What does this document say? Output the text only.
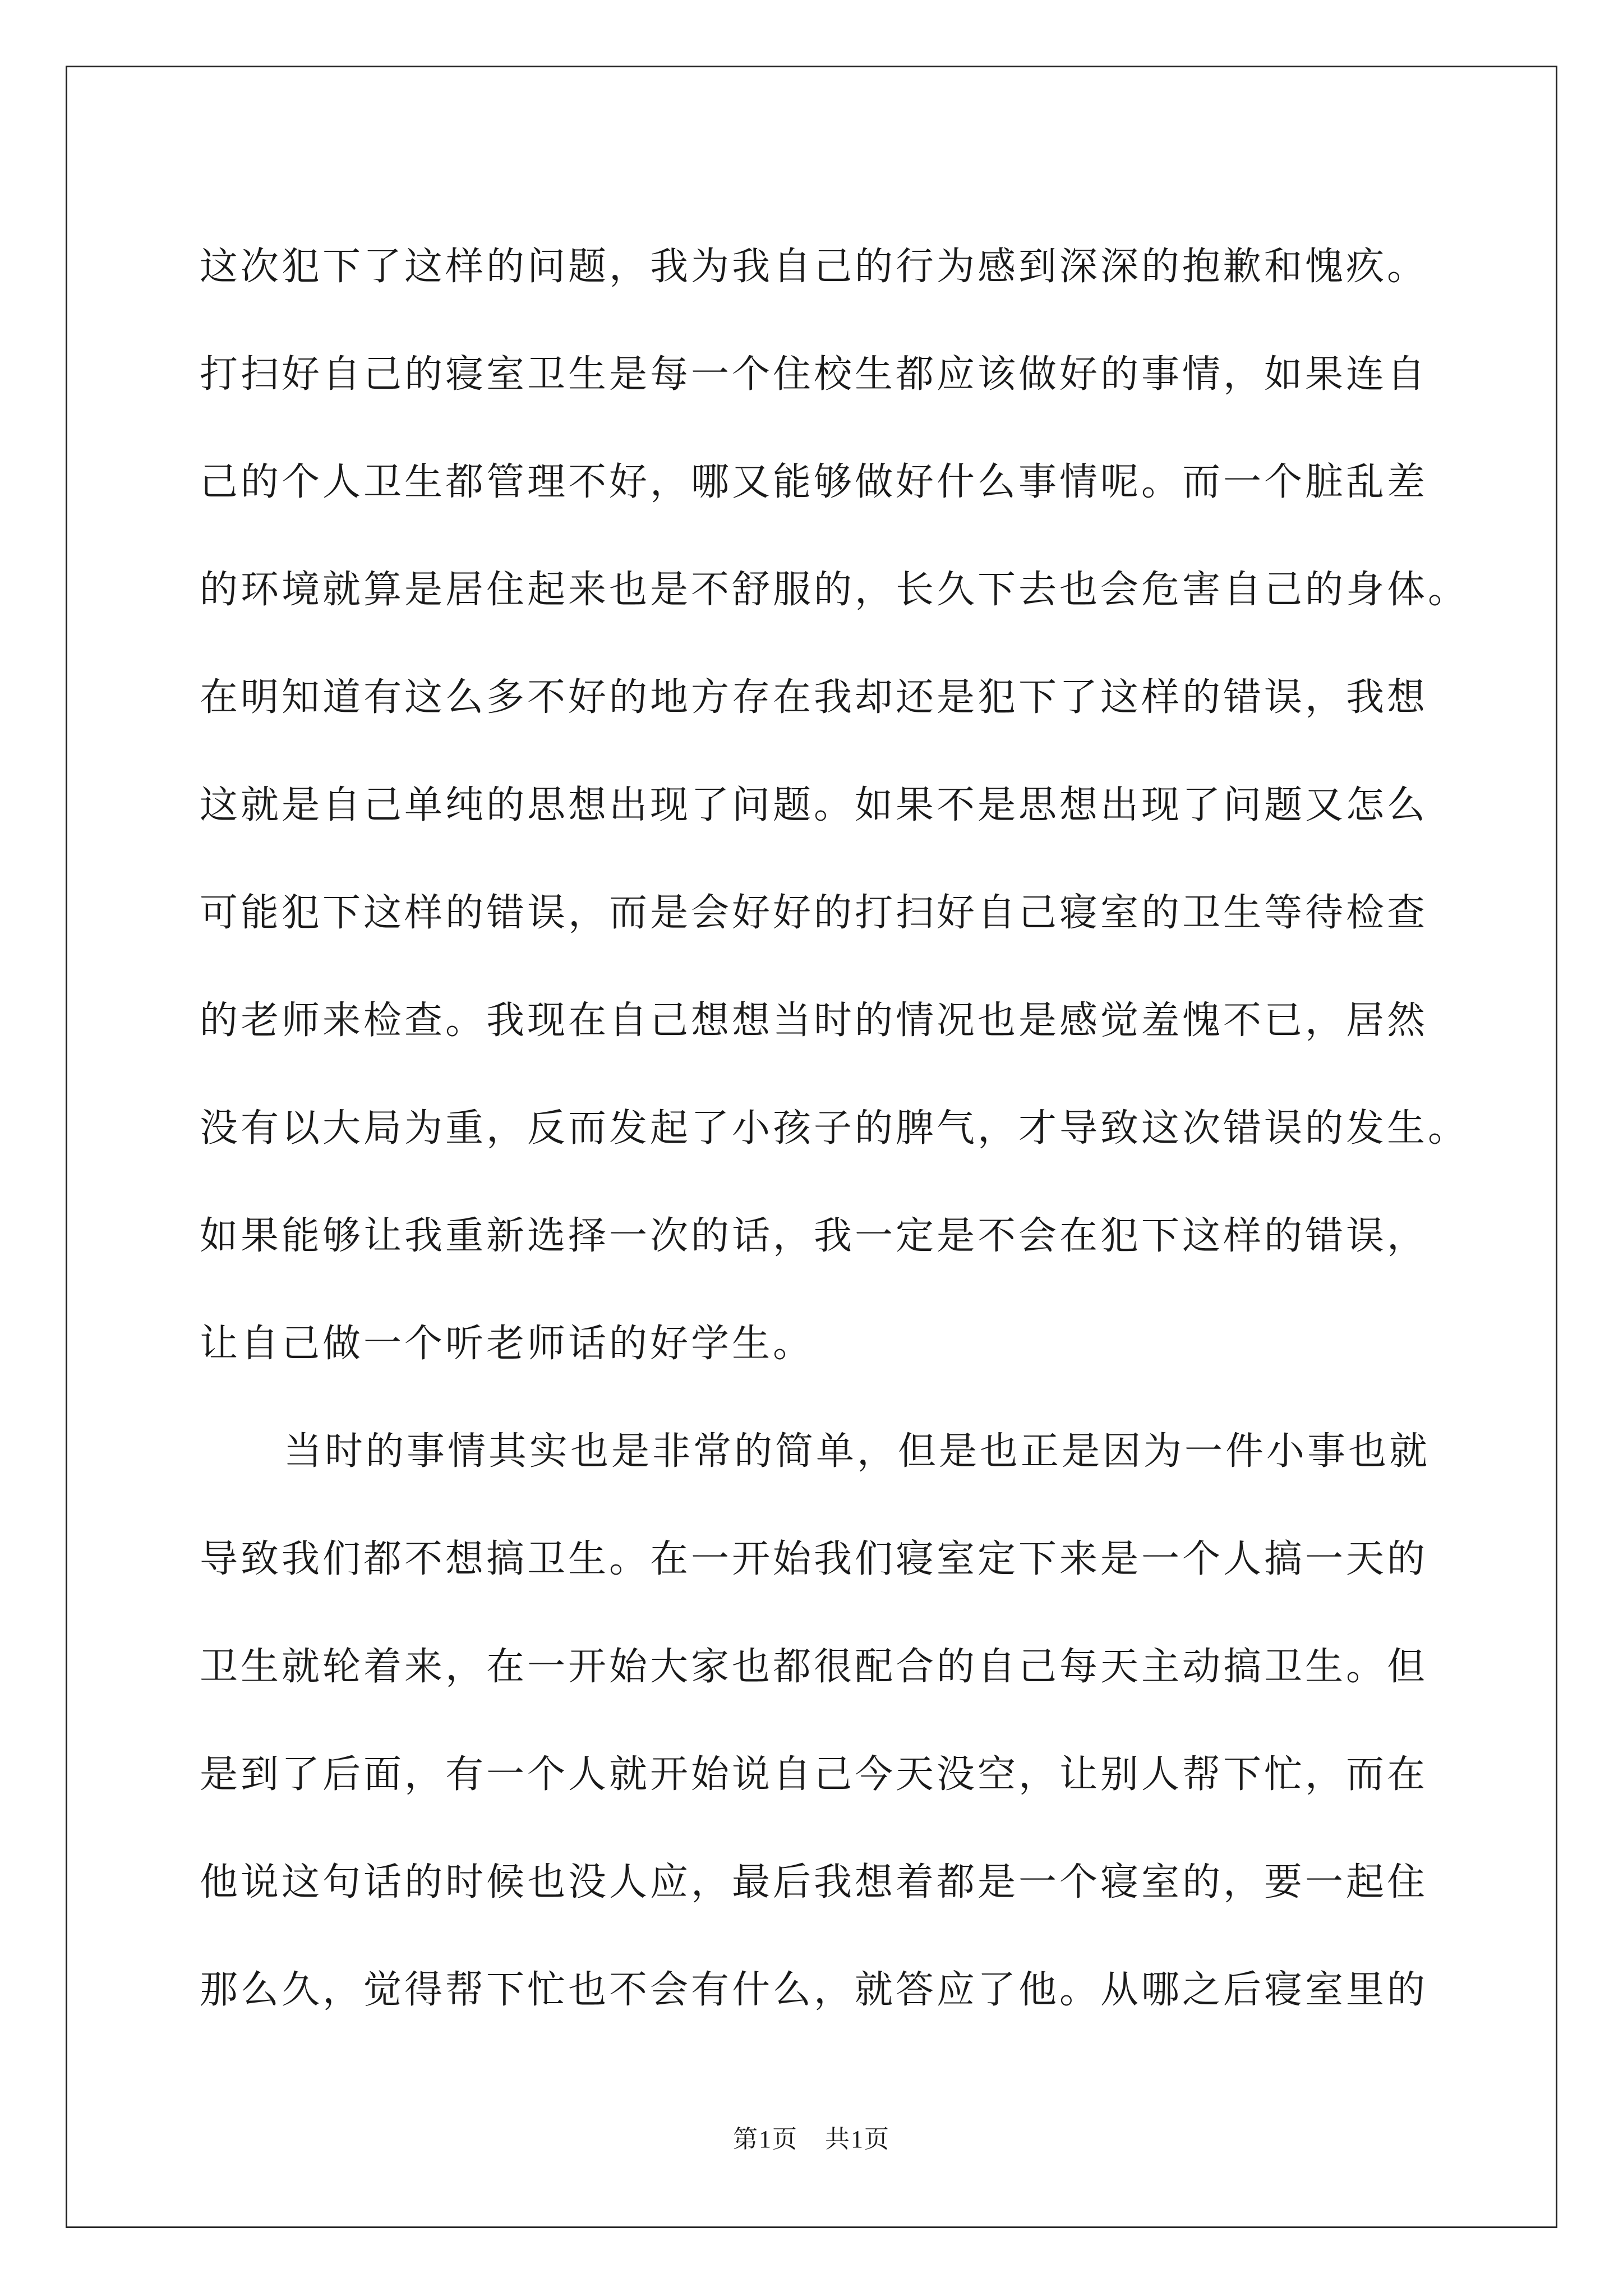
这次犯下了这样的问题，我为我自己的行为感到深深的抱歉和愧疚。
打扫好自己的寝室卫生是每一个住校生都应该做好的事情，如果连自
己的个人卫生都管理不好，哪又能够做好什么事情呢。而一个脏乱差
的环境就算是居住起来也是不舒服的，长久下去也会危害自己的身体。
在明知道有这么多不好的地方存在我却还是犯下了这样的错误，我想
这就是自己单纯的思想出现了问题。如果不是思想出现了问题又怎么
可能犯下这样的错误，而是会好好的打扫好自己寝室的卫生等待检查
的老师来检查。我现在自己想想当时的情况也是感觉羞愧不已，居然
没有以大局为重，反而发起了小孩子的脾气，才导致这次错误的发生。
如果能够让我重新选择一次的话，我一定是不会在犯下这样的错误，
让自己做一个听老师话的好学生。
当时的事情其实也是非常的简单，但是也正是因为一件小事也就
导致我们都不想搞卫生。在一开始我们寝室定下来是一个人搞一天的
卫生就轮着来，在一开始大家也都很配合的自己每天主动搞卫生。但
是到了后面，有一个人就开始说自己今天没空，让别人帮下忙，而在
他说这句话的时候也没人应，最后我想着都是一个寝室的，要一起住
那么久，觉得帮下忙也不会有什么，就答应了他。从哪之后寝室里的
第1页 共1页
